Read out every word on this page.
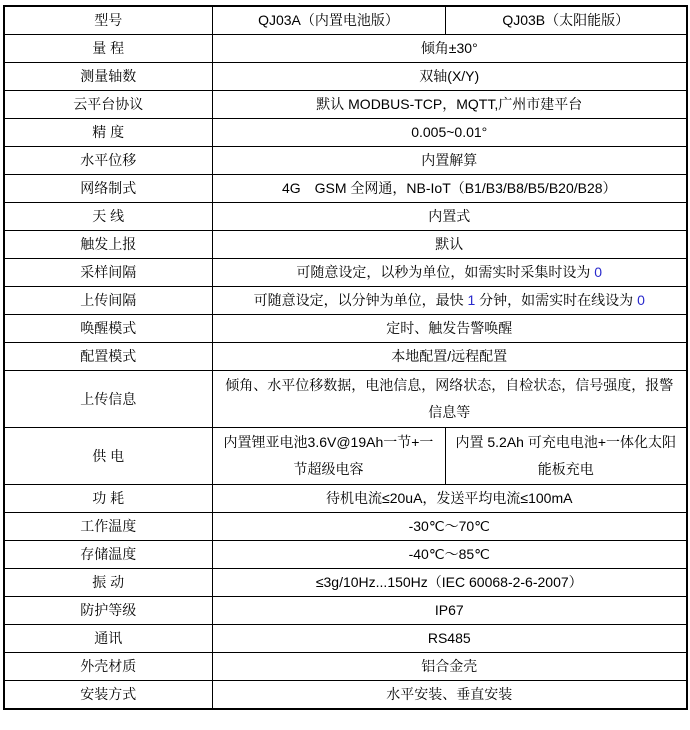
型号	QJ03A（内置电池版）	QJ03B（太阳能版）
量 程	倾角±30°	
测量轴数	双轴(X/Y)	
云平台协议	默认 MODBUS-TCP，MQTT,广州市建平台	
精 度	0.005~0.01°	
水平位移	内置解算	
网络制式	4G　GSM 全网通，NB-IoT（B1/B3/B8/B5/B20/B28）	
天 线	内置式	
触发上报	默认	
采样间隔	可随意设定，以秒为单位，如需实时采集时设为 0	
上传间隔	可随意设定，以分钟为单位，最快 1 分钟，如需实时在线设为 0	
唤醒模式	定时、触发告警唤醒	
配置模式	本地配置/远程配置	
上传信息	倾角、水平位移数据，电池信息，网络状态，自检状态，信号强度，报警信息等	
供 电	内置锂亚电池3.6V@19Ah一节+一节超级电容	内置 5.2Ah 可充电电池+一体化太阳能板充电
功 耗	待机电流≤20uA，发送平均电流≤100mA	
工作温度	-30℃～70℃	
存储温度	-40℃～85℃	
振 动	≤3g/10Hz...150Hz（IEC 60068-2-6-2007）	
防护等级	IP67	
通讯	RS485	
外壳材质	铝合金壳	
安装方式	水平安装、垂直安装	
